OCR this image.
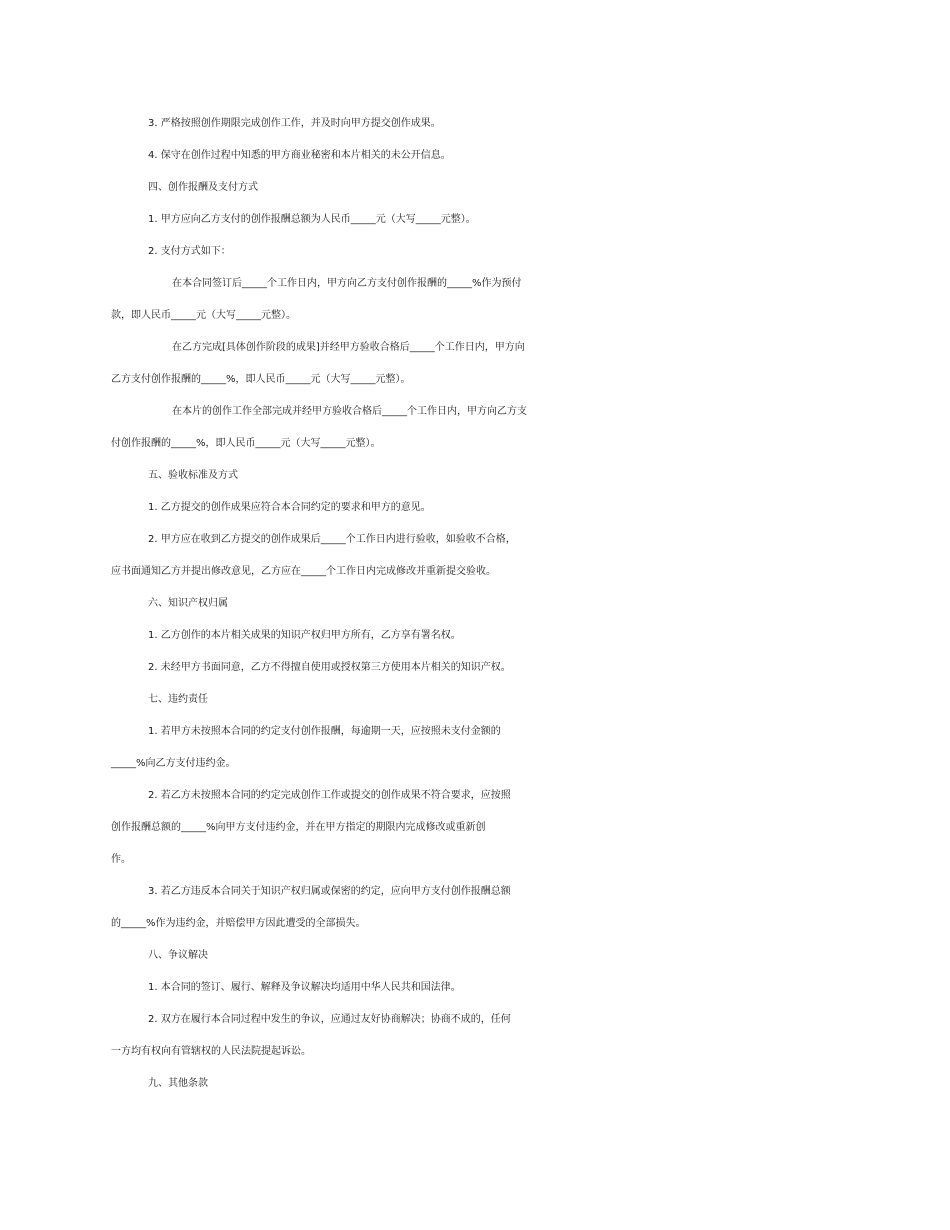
3. 严格按照创作期限完成创作工作，并及时向甲方提交创作成果。
4. 保守在创作过程中知悉的甲方商业秘密和本片相关的未公开信息。
四、创作报酬及支付方式
1. 甲方应向乙方支付的创作报酬总额为人民币_____元（大写_____元整）。
2. 支付方式如下：
在本合同签订后_____个工作日内，甲方向乙方支付创作报酬的_____%作为预付
款，即人民币_____元（大写_____元整）。
在乙方完成[具体创作阶段的成果]并经甲方验收合格后_____个工作日内，甲方向
乙方支付创作报酬的_____%，即人民币_____元（大写_____元整）。
在本片的创作工作全部完成并经甲方验收合格后_____个工作日内，甲方向乙方支
付创作报酬的_____%，即人民币_____元（大写_____元整）。
五、验收标准及方式
1. 乙方提交的创作成果应符合本合同约定的要求和甲方的意见。
2. 甲方应在收到乙方提交的创作成果后_____个工作日内进行验收，如验收不合格，
应书面通知乙方并提出修改意见，乙方应在_____个工作日内完成修改并重新提交验收。
六、知识产权归属
1. 乙方创作的本片相关成果的知识产权归甲方所有，乙方享有署名权。
2. 未经甲方书面同意，乙方不得擅自使用或授权第三方使用本片相关的知识产权。
七、违约责任
1. 若甲方未按照本合同的约定支付创作报酬，每逾期一天，应按照未支付金额的
_____%向乙方支付违约金。
2. 若乙方未按照本合同的约定完成创作工作或提交的创作成果不符合要求，应按照
创作报酬总额的_____%向甲方支付违约金，并在甲方指定的期限内完成修改或重新创
作。
3. 若乙方违反本合同关于知识产权归属或保密的约定，应向甲方支付创作报酬总额
的_____%作为违约金，并赔偿甲方因此遭受的全部损失。
八、争议解决
1. 本合同的签订、履行、解释及争议解决均适用中华人民共和国法律。
2. 双方在履行本合同过程中发生的争议，应通过友好协商解决；协商不成的，任何
一方均有权向有管辖权的人民法院提起诉讼。
九、其他条款
